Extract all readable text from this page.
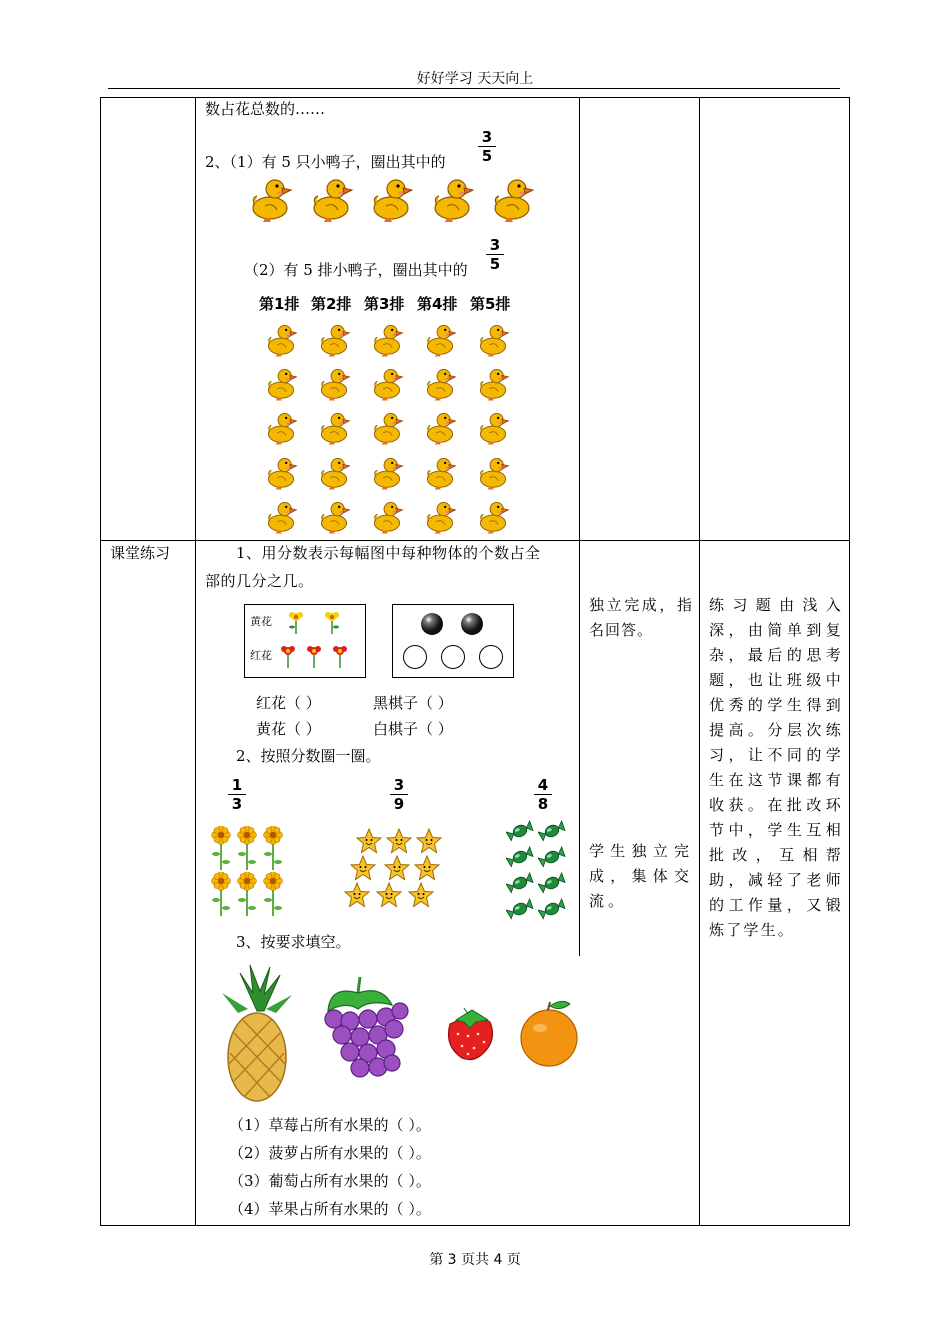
好好学习 天天向上
第 3 页共 4 页
数占花总数的……
2、（1）有 5 只小鸭子，圈出其中的
3
5
（2）有 5 排小鸭子，圈出其中的
3
5
第1排 第2排 第3排 第4排 第5排
课堂练习	1、用分数表示每幅图中每种物体的个数占全
部的几分之几。
黄花
红花
红花（ ）	黑棋子（ ）
黄花（ ）	白棋子（ ）
2、按照分数圈一圈。
1
3
3
9
4
8
3、按要求填空。
（1）草莓占所有水果的（ ）。
（2）菠萝占所有水果的（ ）。
（3）葡萄占所有水果的（ ）。
（4）苹果占所有水果的（ ）。
独立完成，指名回答。
学生独立完成，集体交流。
练习题由浅入深，由简单到复杂，最后的思考题，也让班级中优秀的学生得到提高。分层次练习，让不同的学生在这节课都有收获。在批改环节中，学生互相批改，互相帮助，减轻了老师的工作量，又锻炼了学生。
